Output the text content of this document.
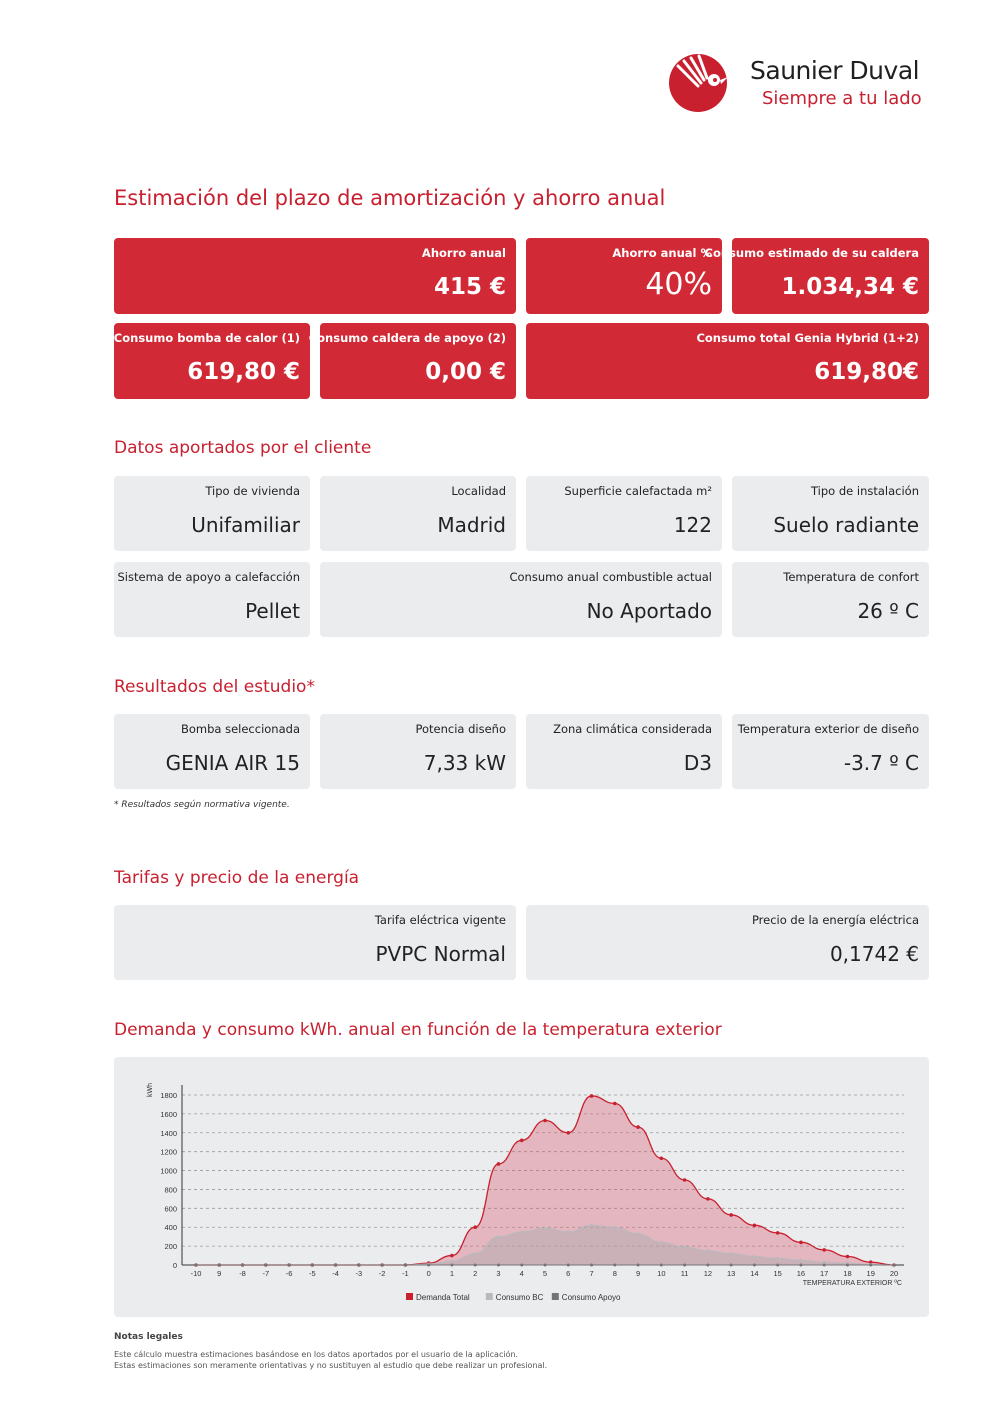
Saunier Duval
Siempre a tu lado
Estimación del plazo de amortización y ahorro anual
Ahorro anual
415 €
Ahorro anual %
40%
Consumo estimado de su caldera
1.034,34 €
Consumo bomba de calor (1)
619,80 €
Consumo caldera de apoyo (2)
0,00 €
Consumo total Genia Hybrid (1+2)
619,80€
Datos aportados por el cliente
Tipo de vivienda
Unifamiliar
Localidad
Madrid
Superficie calefactada m²
122
Tipo de instalación
Suelo radiante
Sistema de apoyo a calefacción
Pellet
Consumo anual combustible actual
No Aportado
Temperatura de confort
26 º C
Resultados del estudio*
Bomba seleccionada
GENIA AIR 15
Potencia diseño
7,33 kW
Zona climática considerada
D3
Temperatura exterior de diseño
-3.7 º C
* Resultados según normativa vigente.
Tarifas y precio de la energía
Tarifa eléctrica vigente
PVPC Normal
Precio de la energía eléctrica
0,1742 €
Demanda y consumo kWh. anual en función de la temperatura exterior
0
200
400
600
800
1000
1200
1400
1600
1800
kWh
-10 9 -8 -7 -6 -5 -4 -3 -2 -1 0	1	2	3	4	5	6	7	8	9 10 11 12 13 14 15 16 17 18 19 20
TEMPERATURA EXTERIOR ºC
Demanda Total	Consumo BC Consumo Apoyo
Notas legales
Este cálculo muestra estimaciones basándose en los datos aportados por el usuario de la aplicación.
Estas estimaciones son meramente orientativas y no sustituyen al estudio que debe realizar un profesional.
